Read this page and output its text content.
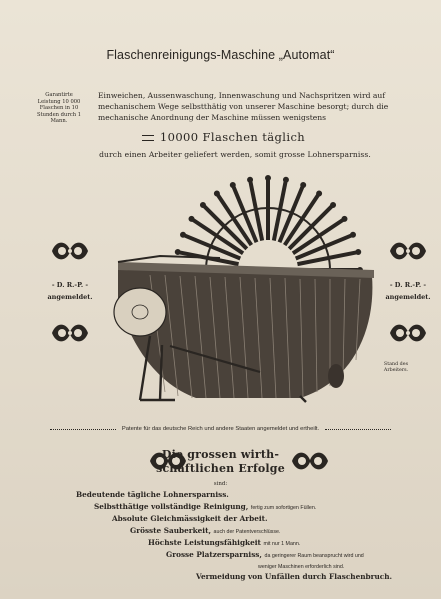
Flaschenreinigungs-Maschine „Automat“
Garantirte Leistung 10 000 Flaschen in 10 Stunden durch 1 Mann.
Einweichen, Aussenwaschung, Innenwaschung und Nachspritzen wird auf mechanischem Wege selbstthätig von unserer Maschine besorgt; durch die mechanische Anordnung der Maschine müssen wenigstens
10000 Flaschen täglich
durch einen Arbeiter geliefert werden, somit grosse Lohnersparniss.
- D. R.-P. -
angemeldet.
- D. R.-P. -
angemeldet.
Stand des Arbeiters.
Patente für das deutsche Reich und andere Staaten angemeldet und ertheilt.
Die grossen wirth-
schaftlichen Erfolge
sind:
Bedeutende tägliche Lohnersparniss.
Selbstthätige vollständige Reinigung, fertig zum sofortigen Füllen.
Absolute Gleichmässigkeit der Arbeit.
Grösste Sauberkeit, auch der Patentverschlüsse.
Höchste Leistungsfähigkeit mit nur 1 Mann.
Grosse Platzersparniss, da geringerer Raum beansprucht wird und
weniger Maschinen erforderlich sind.
Vermeidung von Unfällen durch Flaschenbruch.
